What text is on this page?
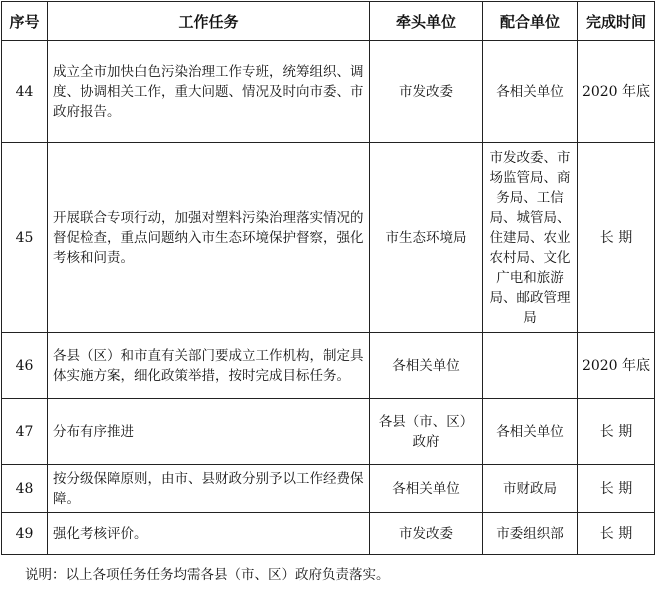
序号	工作任务	牵头单位	配合单位	完成时间
44	成立全市加快白色污染治理工作专班，统筹组织、调度、协调相关工作，重大问题、情况及时向市委、市政府报告。	市发改委	各相关单位	2020 年底
45	开展联合专项行动，加强对塑料污染治理落实情况的督促检查，重点问题纳入市生态环境保护督察，强化考核和问责。	市生态环境局	市发改委、市场监管局、商务局、工信局、城管局、住建局、农业农村局、文化广电和旅游局、邮政管理局	长 期
46	各县（区）和市直有关部门要成立工作机构，制定具体实施方案，细化政策举措，按时完成目标任务。	各相关单位		2020 年底
47	分布有序推进	各县（市、区）政府	各相关单位	长 期
48	按分级保障原则，由市、县财政分别予以工作经费保障。	各相关单位	市财政局	长 期
49	强化考核评价。	市发改委	市委组织部	长 期
说明：以上各项任务任务均需各县（市、区）政府负责落实。
